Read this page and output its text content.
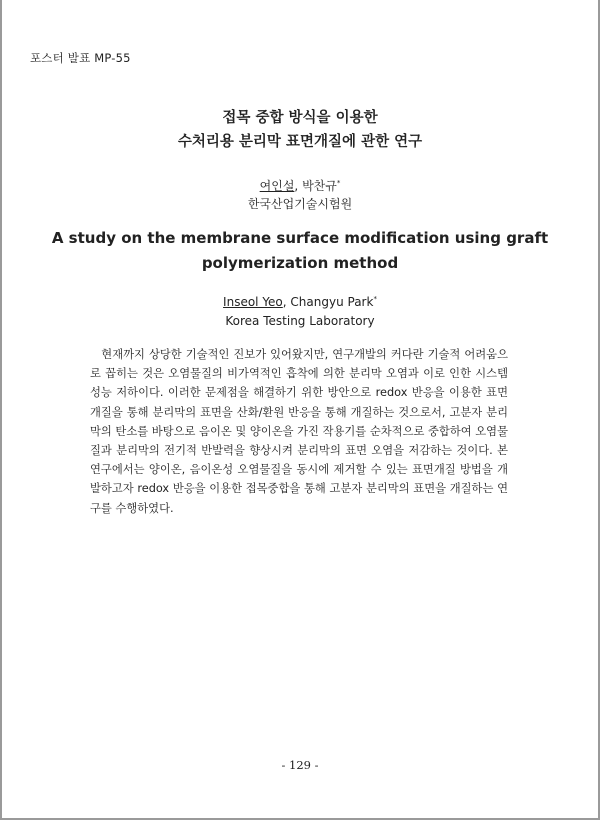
포스터 발표 MP-55
접목 중합 방식을 이용한
수처리용 분리막 표면개질에 관한 연구
여인설, 박찬규*
한국산업기술시험원
A study on the membrane surface modification using graft
polymerization method
Inseol Yeo, Changyu Park*
Korea Testing Laboratory

현재까지 상당한 기술적인 진보가 있어왔지만, 연구개발의 커다란 기술적 어려움으로 꼽히는 것은 오염물질의 비가역적인 흡착에 의한 분리막 오염과 이로 인한 시스템 성능 저하이다. 이러한 문제점을 해결하기 위한 방안으로 redox 반응을 이용한 표면개질을 통해 분리막의 표면을 산화/환원 반응을 통해 개질하는 것으로서, 고분자 분리막의 탄소를 바탕으로 음이온 및 양이온을 가진 작용기를 순차적으로 중합하여 오염물질과 분리막의 전기적 반발력을 향상시켜 분리막의 표면 오염을 저감하는 것이다. 본 연구에서는 양이온, 음이온성 오염물질을 동시에 제거할 수 있는 표면개질 방법을 개발하고자 redox 반응을 이용한 접목중합을 통해 고분자 분리막의 표면을 개질하는 연구를 수행하였다.

- 129 -
